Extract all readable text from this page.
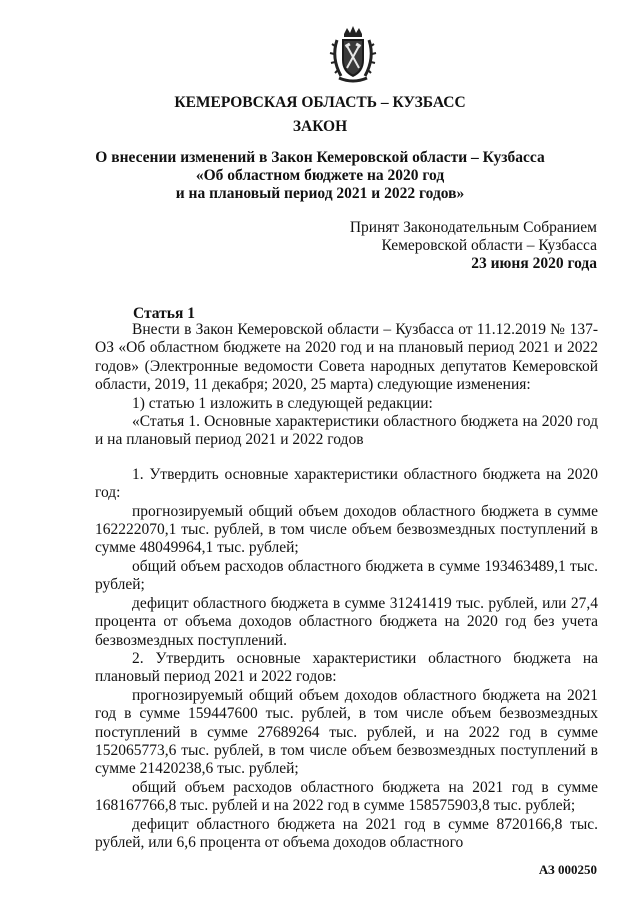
КЕМЕРОВСКАЯ ОБЛАСТЬ – КУЗБАСС
ЗАКОН
О внесении изменений в Закон Кемеровской области – Кузбасса
«Об областном бюджете на 2020 год
и на плановый период 2021 и 2022 годов»
Принят Законодательным Собранием
Кемеровской области – Кузбасса
23 июня 2020 года
Статья 1

Внести в Закон Кемеровской области – Кузбасса от 11.12.2019 № 137-ОЗ «Об областном бюджете на 2020 год и на плановый период 2021 и 2022 годов» (Электронные ведомости Совета народных депутатов Кемеровской области, 2019, 11 декабря; 2020, 25 марта) следующие изменения:

1) статью 1 изложить в следующей редакции:

«Статья 1. Основные характеристики областного бюджета на 2020 год и на плановый период 2021 и 2022 годов

1. Утвердить основные характеристики областного бюджета на 2020 год:

прогнозируемый общий объем доходов областного бюджета в сумме 162222070,1 тыс. рублей, в том числе объем безвозмездных поступлений в сумме 48049964,1 тыс. рублей;

общий объем расходов областного бюджета в сумме 193463489,1 тыс. рублей;

дефицит областного бюджета в сумме 31241419 тыс. рублей, или 27,4 процента от объема доходов областного бюджета на 2020 год без учета безвозмездных поступлений.

2. Утвердить основные характеристики областного бюджета на плановый период 2021 и 2022 годов:

прогнозируемый общий объем доходов областного бюджета на 2021 год в сумме 159447600 тыс. рублей, в том числе объем безвозмездных поступлений в сумме 27689264 тыс. рублей, и на 2022 год в сумме 152065773,6 тыс. рублей, в том числе объем безвозмездных поступлений в сумме 21420238,6 тыс. рублей;

общий объем расходов областного бюджета на 2021 год в сумме 168167766,8 тыс. рублей и на 2022 год в сумме 158575903,8 тыс. рублей;

дефицит областного бюджета на 2021 год в сумме 8720166,8 тыс. рублей, или 6,6 процента от объема доходов областного

АЗ 000250
